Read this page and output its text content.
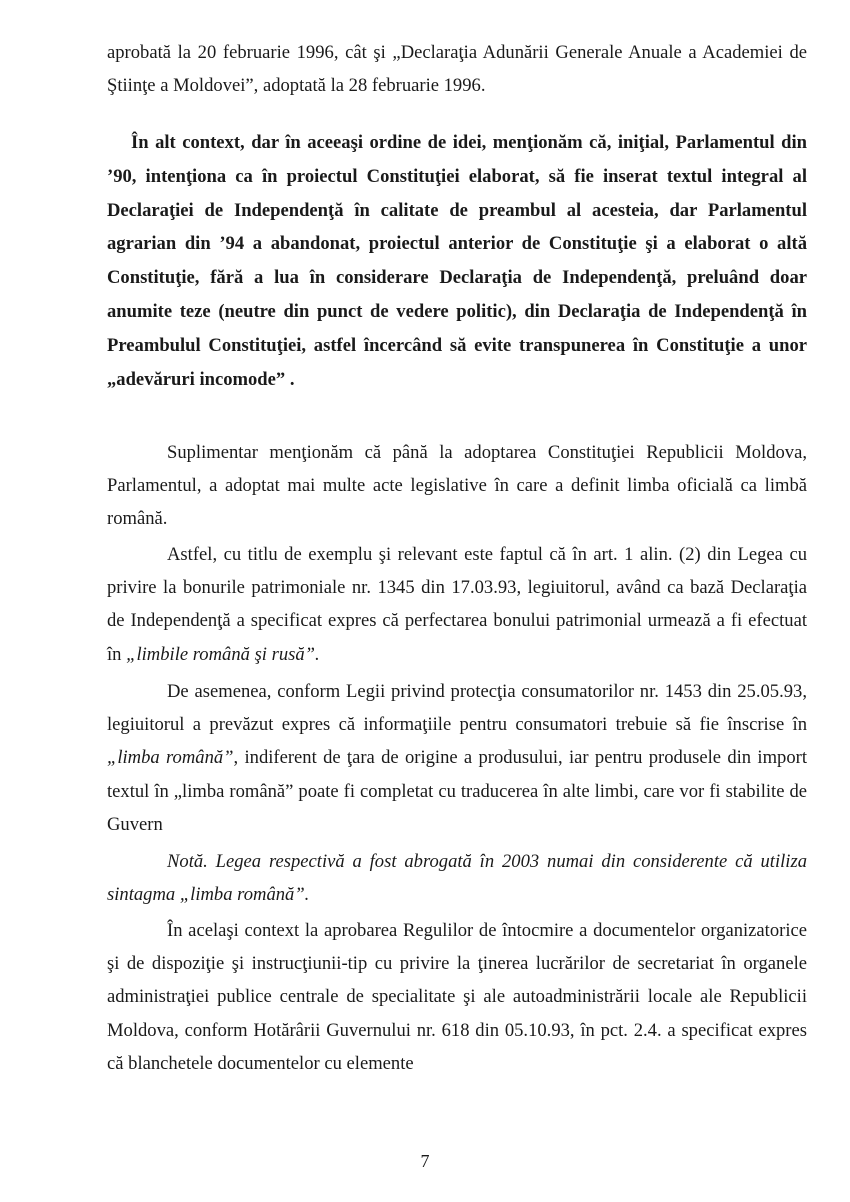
aprobată la 20 februarie 1996, cât şi „Declaraţia Adunării Generale Anuale a Academiei de Ştiinţe a Moldovei”, adoptată la 28 februarie 1996.

În alt context, dar în aceeaşi ordine de idei, menţionăm că, iniţial, Parlamentul din ’90, intenţiona ca în proiectul Constituţiei elaborat, să fie inserat textul integral al Declaraţiei de Independenţă în calitate de preambul al acesteia, dar Parlamentul agrarian din ’94 a abandonat, proiectul anterior de Constituţie şi a elaborat o altă Constituţie, fără a lua în considerare Declaraţia de Independenţă, preluând doar anumite teze (neutre din punct de vedere politic), din Declaraţia de Independenţă în Preambulul Constituţiei, astfel încercând să evite transpunerea în Constituţie a unor „adevăruri incomode” .

Suplimentar menţionăm că până la adoptarea Constituţiei Republicii Moldova, Parlamentul, a adoptat mai multe acte legislative în care a definit limba oficială ca limbă română.

Astfel, cu titlu de exemplu şi relevant este faptul că în art. 1 alin. (2) din Legea cu privire la bonurile patrimoniale nr. 1345 din 17.03.93, legiuitorul, având ca bază Declaraţia de Independenţă a specificat expres că perfectarea bonului patrimonial urmează a fi efectuat în „limbile română şi rusă”.

De asemenea, conform Legii privind protecţia consumatorilor nr. 1453 din 25.05.93, legiuitorul a prevăzut expres că informaţiile pentru consumatori trebuie să fie înscrise în „limba română”, indiferent de ţara de origine a produsului, iar pentru produsele din import textul în „limba română” poate fi completat cu traducerea în alte limbi, care vor fi stabilite de Guvern

Notă. Legea respectivă a fost abrogată în 2003 numai din considerente că utiliza sintagma „limba română”.

În acelaşi context la aprobarea Regulilor de întocmire a documentelor organizatorice şi de dispoziţie şi instrucţiunii-tip cu privire la ţinerea lucrărilor de secretariat în organele administraţiei publice centrale de specialitate şi ale autoadministrării locale ale Republicii Moldova, conform Hotărârii Guvernului nr. 618 din 05.10.93, în pct. 2.4. a specificat expres că blanchetele documentelor cu elemente

7
